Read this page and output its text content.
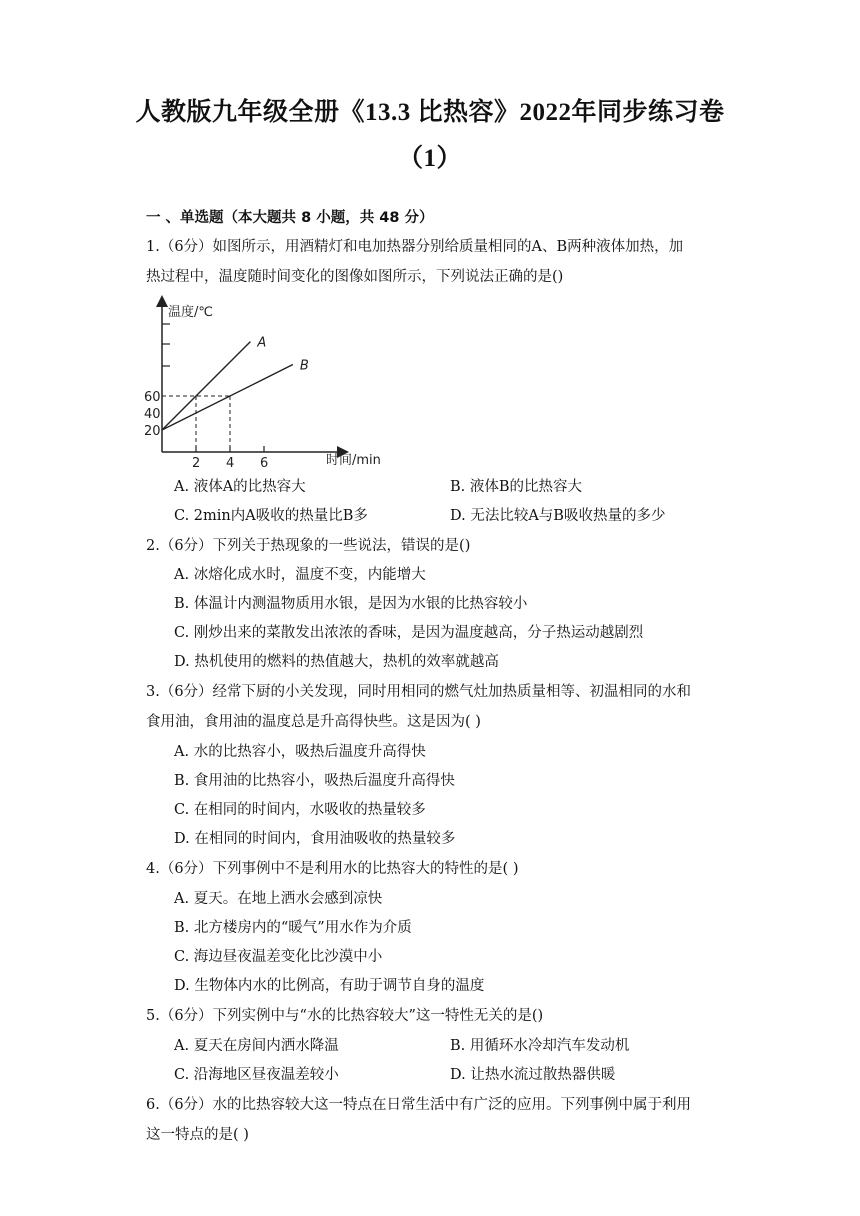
人教版九年级全册《13.3 比热容》2022年同步练习卷
（1）
一 、单选题（本大题共 8 小题，共 48 分）
1.（6分）如图所示，用酒精灯和电加热器分别给质量相同的A、B两种液体加热，加
热过程中，温度随时间变化的图像如图所示，下列说法正确的是()
2 4 6
20
40
60
A
B
温度/℃
时间/min
A. 液体A的比热容大	B. 液体B的比热容大
C. 2min内A吸收的热量比B多	D. 无法比较A与B吸收热量的多少
2.（6分）下列关于热现象的一些说法，错误的是()
A. 冰熔化成水时，温度不变，内能增大
B. 体温计内测温物质用水银，是因为水银的比热容较小
C. 刚炒出来的菜散发出浓浓的香味，是因为温度越高，分子热运动越剧烈
D. 热机使用的燃料的热值越大，热机的效率就越高
3.（6分）经常下厨的小关发现，同时用相同的燃气灶加热质量相等、初温相同的水和
食用油，食用油的温度总是升高得快些。这是因为( )
A. 水的比热容小，吸热后温度升高得快
B. 食用油的比热容小，吸热后温度升高得快
C. 在相同的时间内，水吸收的热量较多
D. 在相同的时间内，食用油吸收的热量较多
4.（6分）下列事例中不是利用水的比热容大的特性的是( )
A. 夏天。在地上洒水会感到凉快
B. 北方楼房内的“暖气”用水作为介质
C. 海边昼夜温差变化比沙漠中小
D. 生物体内水的比例高，有助于调节自身的温度
5.（6分）下列实例中与“水的比热容较大”这一特性无关的是()
A. 夏天在房间内洒水降温	B. 用循环水冷却汽车发动机
C. 沿海地区昼夜温差较小	D. 让热水流过散热器供暖
6.（6分）水的比热容较大这一特点在日常生活中有广泛的应用。下列事例中属于利用
这一特点的是( )
